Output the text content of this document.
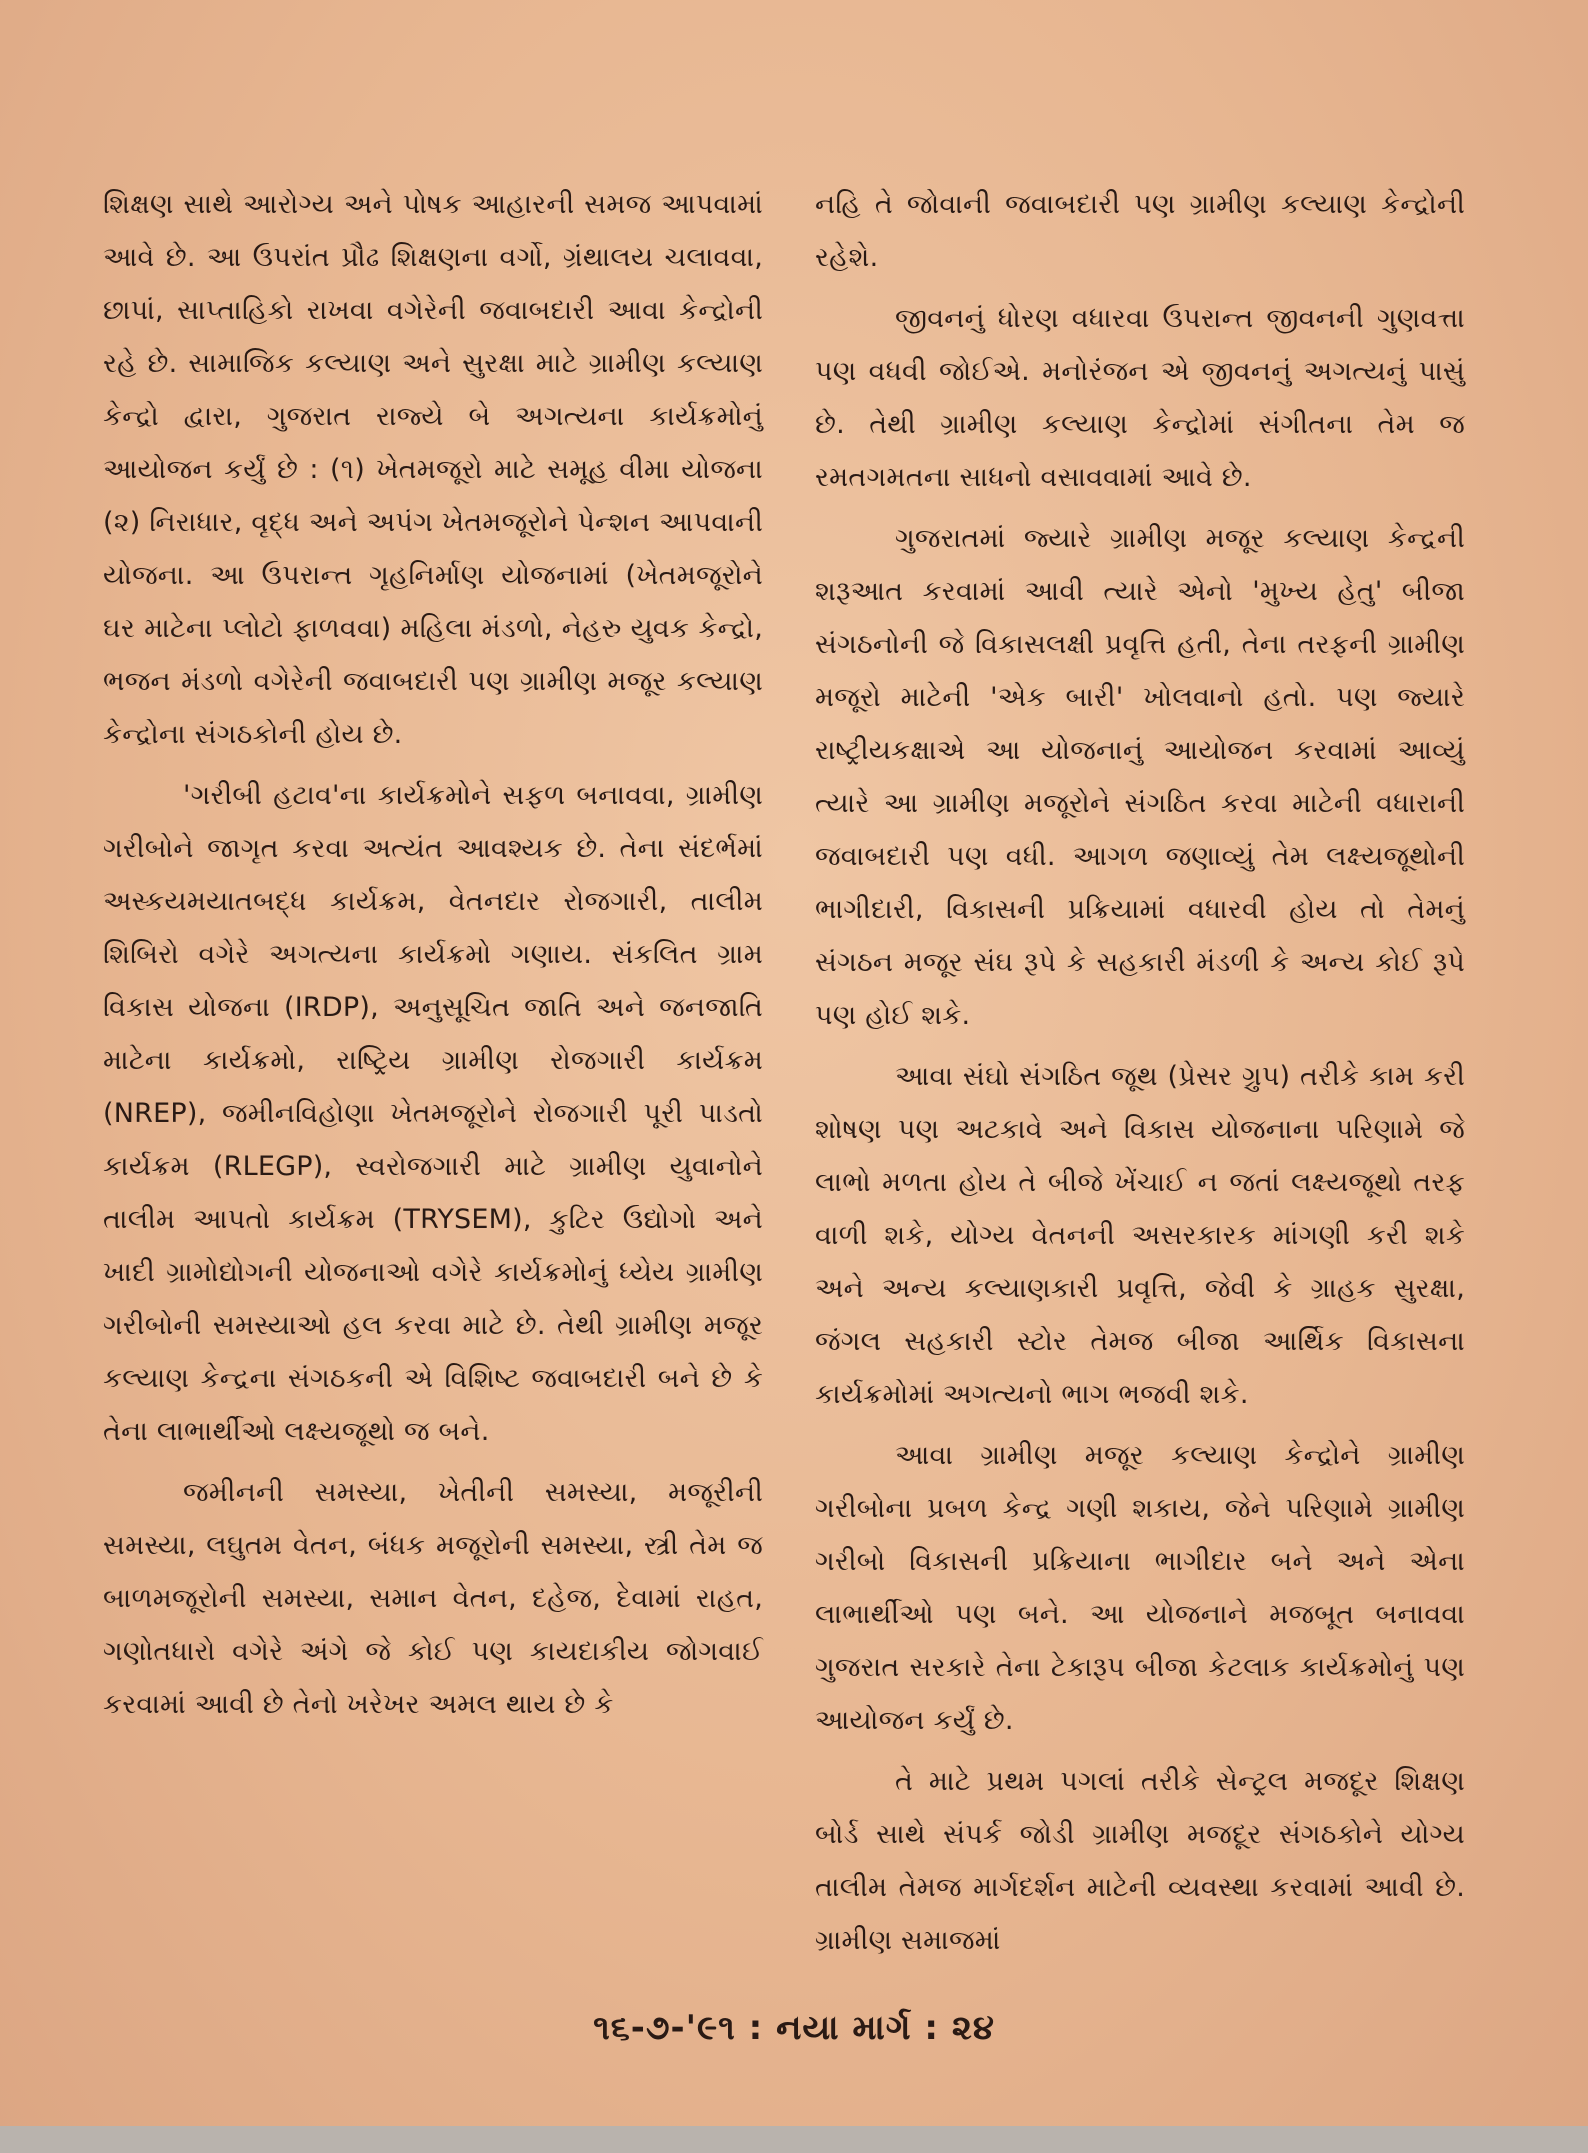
શિક્ષણ સાથે આરોગ્ય અને પોષક આહારની સમજ આપવામાં આવે છે. આ ઉપરાંત પ્રૌઢ શિક્ષણના વર્ગો, ગ્રંથાલય ચલાવવા, છાપાં, સાપ્તાહિકો રાખવા વગેરેની જવાબદારી આવા કેન્દ્રોની રહે છે. સામાજિક કલ્યાણ અને સુરક્ષા માટે ગ્રામીણ કલ્યાણ કેન્દ્રો દ્વારા, ગુજરાત રાજ્યે બે અગત્યના કાર્યક્રમોનું આયોજન કર્યું છે : (૧) ખેતમજૂરો માટે સમૂહ વીમા યોજના (૨) નિરાધાર, વૃદ્ધ અને અપંગ ખેતમજૂરોને પેન્શન આપવાની યોજના. આ ઉપરાન્ત ગૃહનિર્માણ યોજનામાં (ખેતમજૂરોને ઘર માટેના પ્લોટો ફાળવવા) મહિલા મંડળો, નેહરુ યુવક કેન્દ્રો, ભજન મંડળો વગેરેની જવાબદારી પણ ગ્રામીણ મજૂર કલ્યાણ કેન્દ્રોના સંગઠકોની હોય છે.

'ગરીબી હટાવ'ના કાર્યક્રમોને સફળ બનાવવા, ગ્રામીણ ગરીબોને જાગૃત કરવા અત્યંત આવશ્યક છે. તેના સંદર્ભમાં અસ્કયમયાતબદ્ધ કાર્યક્રમ, વેતનદાર રોજગારી, તાલીમ શિબિરો વગેરે અગત્યના કાર્યક્રમો ગણાય. સંકલિત ગ્રામ વિકાસ યોજના (IRDP), અનુસૂચિત જાતિ અને જનજાતિ માટેના કાર્યક્રમો, રાષ્ટ્રિય ગ્રામીણ રોજગારી કાર્યક્રમ (NREP), જમીનવિહોણા ખેતમજૂરોને રોજગારી પૂરી પાડતો કાર્યક્રમ (RLEGP), સ્વરોજગારી માટે ગ્રામીણ યુવાનોને તાલીમ આપતો કાર્યક્રમ (TRYSEM), કુટિર ઉદ્યોગો અને ખાદી ગ્રામોદ્યોગની યોજનાઓ વગેરે કાર્યક્રમોનું ધ્યેય ગ્રામીણ ગરીબોની સમસ્યાઓ હલ કરવા માટે છે. તેથી ગ્રામીણ મજૂર કલ્યાણ કેન્દ્રના સંગઠકની એ વિશિષ્ટ જવાબદારી બને છે કે તેના લાભાર્થીઓ લક્ષ્યજૂથો જ બને.

જમીનની સમસ્યા, ખેતીની સમસ્યા, મજૂરીની સમસ્યા, લઘુતમ વેતન, બંધક મજૂરોની સમસ્યા, સ્ત્રી તેમ જ બાળમજૂરોની સમસ્યા, સમાન વેતન, દહેજ, દેવામાં રાહત, ગણોતધારો વગેરે અંગે જે કોઈ પણ કાયદાકીય જોગવાઈ કરવામાં આવી છે તેનો ખરેખર અમલ થાય છે કે

નહિ તે જોવાની જવાબદારી પણ ગ્રામીણ કલ્યાણ કેન્દ્રોની રહેશે.

જીવનનું ધોરણ વધારવા ઉપરાન્ત જીવનની ગુણવત્તા પણ વધવી જોઈએ. મનોરંજન એ જીવનનું અગત્યનું પાસું છે. તેથી ગ્રામીણ કલ્યાણ કેન્દ્રોમાં સંગીતના તેમ જ રમતગમતના સાધનો વસાવવામાં આવે છે.

ગુજરાતમાં જ્યારે ગ્રામીણ મજૂર કલ્યાણ કેન્દ્રની શરૂઆત કરવામાં આવી ત્યારે એનો 'મુખ્ય હેતુ' બીજા સંગઠનોની જે વિકાસલક્ષી પ્રવૃત્તિ હતી, તેના તરફની ગ્રામીણ મજૂરો માટેની 'એક બારી' ખોલવાનો હતો. પણ જ્યારે રાષ્ટ્રીયકક્ષાએ આ યોજનાનું આયોજન કરવામાં આવ્યું ત્યારે આ ગ્રામીણ મજૂરોને સંગઠિત કરવા માટેની વધારાની જવાબદારી પણ વધી. આગળ જણાવ્યું તેમ લક્ષ્યજૂથોની ભાગીદારી, વિકાસની પ્રક્રિયામાં વધારવી હોય તો તેમનું સંગઠન મજૂર સંઘ રૂપે કે સહકારી મંડળી કે અન્ય કોઈ રૂપે પણ હોઈ શકે.

આવા સંઘો સંગઠિત જૂથ (પ્રેસર ગ્રુપ) તરીકે કામ કરી શોષણ પણ અટકાવે અને વિકાસ યોજનાના પરિણામે જે લાભો મળતા હોય તે બીજે ખેંચાઈ ન જતાં લક્ષ્યજૂથો તરફ વાળી શકે, યોગ્ય વેતનની અસરકારક માંગણી કરી શકે અને અન્ય કલ્યાણકારી પ્રવૃત્તિ, જેવી કે ગ્રાહક સુરક્ષા, જંગલ સહકારી સ્ટોર તેમજ બીજા આર્થિક વિકાસના કાર્યક્રમોમાં અગત્યનો ભાગ ભજવી શકે.

આવા ગ્રામીણ મજૂર કલ્યાણ કેન્દ્રોને ગ્રામીણ ગરીબોના પ્રબળ કેન્દ્ર ગણી શકાય, જેને પરિણામે ગ્રામીણ ગરીબો વિકાસની પ્રક્રિયાના ભાગીદાર બને અને એના લાભાર્થીઓ પણ બને. આ યોજનાને મજબૂત બનાવવા ગુજરાત સરકારે તેના ટેકારૂપ બીજા કેટલાક કાર્યક્રમોનું પણ આયોજન કર્યું છે.

તે માટે પ્રથમ પગલાં તરીકે સેન્ટ્રલ મજદૂર શિક્ષણ બોર્ડ સાથે સંપર્ક જોડી ગ્રામીણ મજદૂર સંગઠકોને યોગ્ય તાલીમ તેમજ માર્ગદર્શન માટેની વ્યવસ્થા કરવામાં આવી છે. ગ્રામીણ સમાજમાં

૧૬-૭-'૯૧ : નયા માર્ગ : ૨૪
